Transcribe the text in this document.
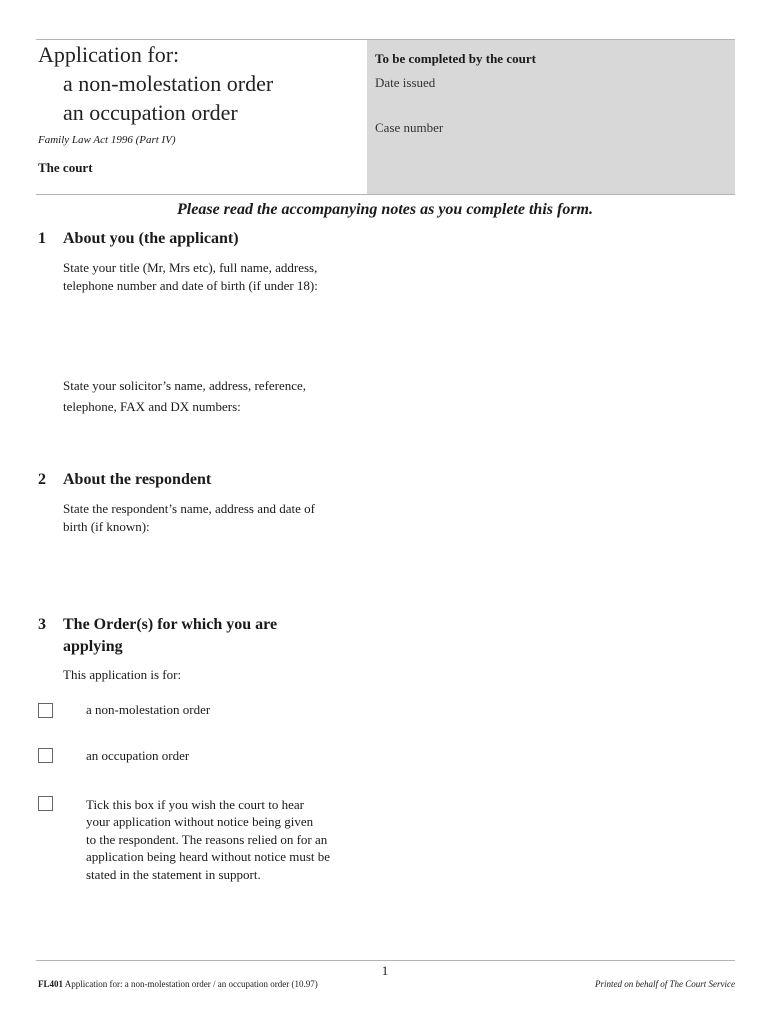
To be completed by the court
Date issued
Case number
Application for:
a non-molestation order
an occupation order
Family Law Act 1996 (Part IV)
The court
Please read the accompanying notes as you complete this form.
1 About you (the applicant)
State your title (Mr, Mrs etc), full name, address,
telephone number and date of birth (if under 18):
State your solicitor’s name, address, reference,
telephone, FAX and DX numbers:
2 About the respondent
State the respondent’s name, address and date of
birth (if known):
3 The Order(s) for which you are
applying
This application is for:
a non-molestation order
an occupation order
Tick this box if you wish the court to hear
your application without notice being given
to the respondent. The reasons relied on for an
application being heard without notice must be
stated in the statement in support.
1
FL401 Application for: a non-molestation order / an occupation order (10.97)	Printed on behalf of The Court Service
